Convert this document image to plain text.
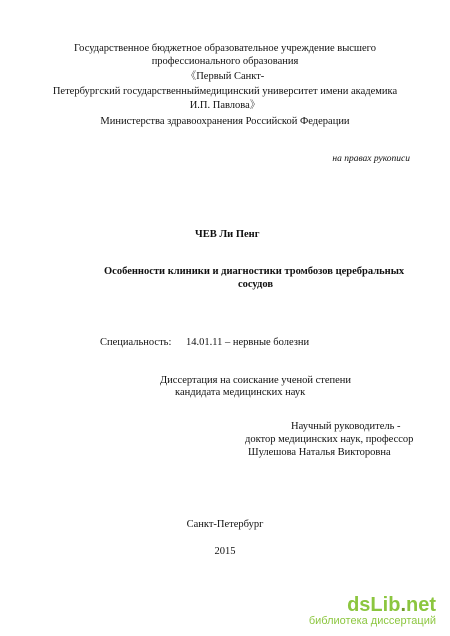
Государственное бюджетное образовательное учреждение высшего
профессионального образования
《Первый Санкт-
Петербургский государственныймедицинский университет имени академика
И.П. Павлова》
Министерства здравоохранения Российской Федерации
на правах рукописи
ЧЕВ Ли Пенг
Особенности клиники и диагностики тромбозов церебральных
сосудов
Специальность: 14.01.11 – нервные болезни
Диссертация на соискание ученой степени
кандидата медицинских наук
Научный руководитель -
доктор медицинских наук, профессор
Шулешова Наталья Викторовна
Санкт-Петербург
2015
dsLib.net
библиотека диссертаций
